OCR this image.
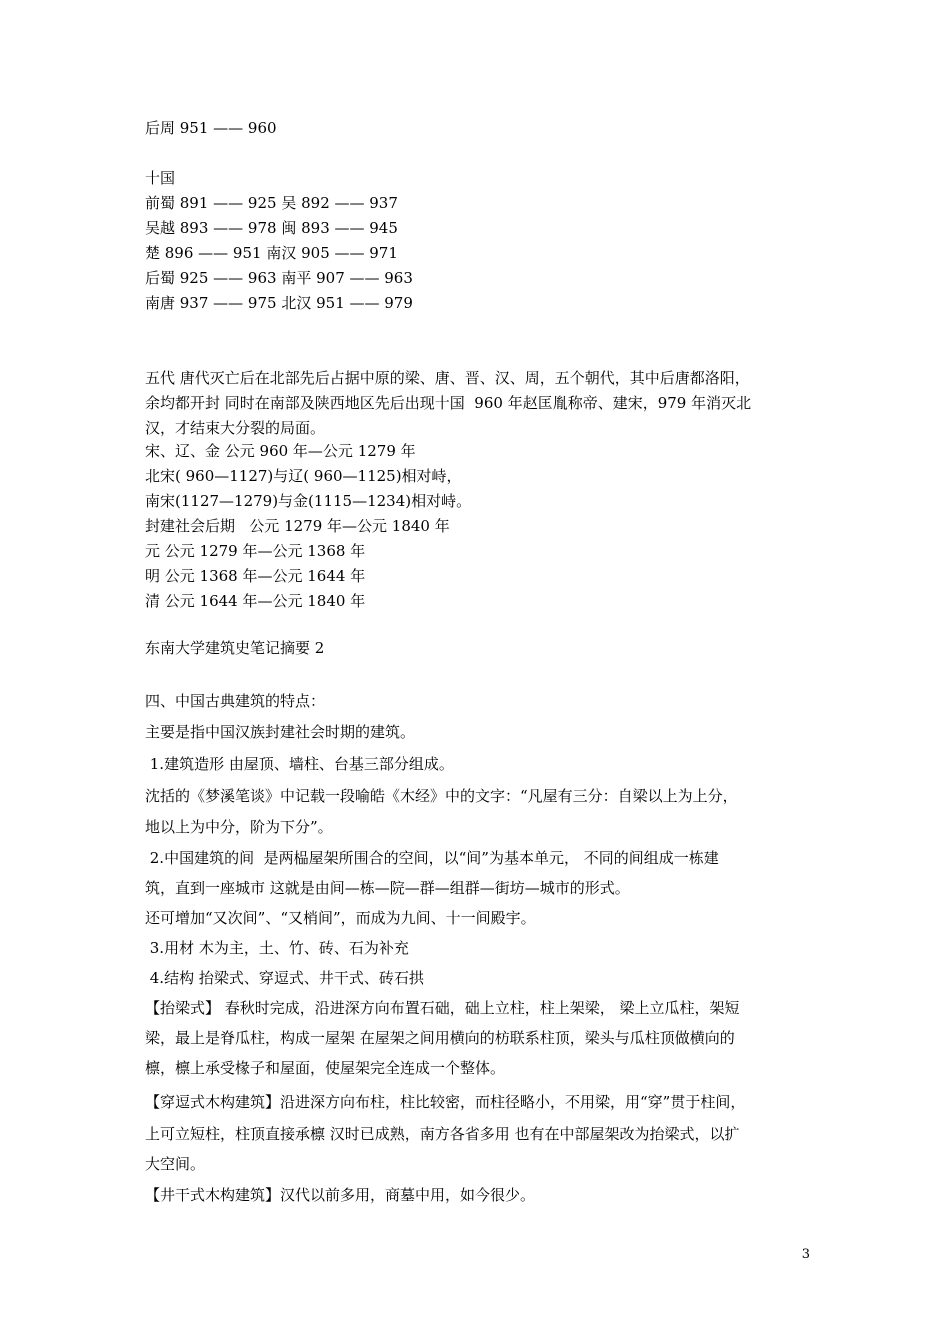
后周 951 —— 960
十国
前蜀 891 —— 925 吴 892 —— 937
吴越 893 —— 978 闽 893 —— 945
楚 896 —— 951 南汉 905 —— 971
后蜀 925 —— 963 南平 907 —— 963
南唐 937 —— 975 北汉 951 —— 979
五代 唐代灭亡后在北部先后占据中原的梁、唐、晋、汉、周，五个朝代，其中后唐都洛阳，
余均都开封 同时在南部及陕西地区先后出现十国  960 年赵匡胤称帝、建宋，979 年消灭北
汉，才结束大分裂的局面。
宋、辽、金 公元 960 年—公元 1279 年
北宋( 960—1127)与辽( 960—1125)相对峙，
南宋(1127—1279)与金(1115—1234)相对峙。
封建社会后期   公元 1279 年—公元 1840 年
元 公元 1279 年—公元 1368 年
明 公元 1368 年—公元 1644 年
清 公元 1644 年—公元 1840 年
东南大学建筑史笔记摘要 2
四、中国古典建筑的特点：
主要是指中国汉族封建社会时期的建筑。
1.建筑造形 由屋顶、墙柱、台基三部分组成。
沈括的《梦溪笔谈》中记载一段喻皓《木经》中的文字：“凡屋有三分：自梁以上为上分，
地以上为中分，阶为下分”。
2.中国建筑的间  是两榀屋架所围合的空间，以“间”为基本单元， 不同的间组成一栋建
筑，直到一座城市 这就是由间—栋—院—群—组群—街坊—城市的形式。
还可增加“又次间”、“又梢间”，而成为九间、十一间殿宇。
3.用材 木为主，土、竹、砖、石为补充
4.结构 抬梁式、穿逗式、井干式、砖石拱
【抬梁式】 春秋时完成，沿进深方向布置石础，础上立柱，柱上架梁， 梁上立瓜柱，架短
梁，最上是脊瓜柱，构成一屋架 在屋架之间用横向的枋联系柱顶，梁头与瓜柱顶做横向的
檩，檩上承受椽子和屋面，使屋架完全连成一个整体。
【穿逗式木构建筑】沿进深方向布柱，柱比较密，而柱径略小，不用梁，用“穿”贯于柱间，
上可立短柱，柱顶直接承檩 汉时已成熟，南方各省多用 也有在中部屋架改为抬梁式，以扩
大空间。
【井干式木构建筑】汉代以前多用，商墓中用，如今很少。
3
